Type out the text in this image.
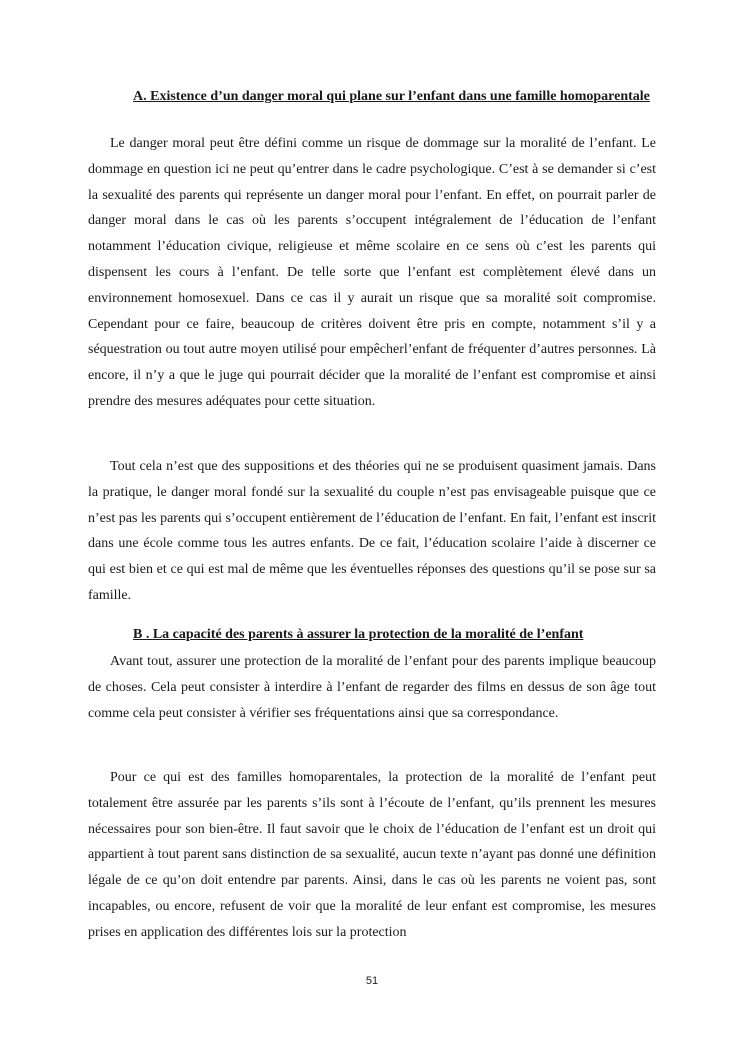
A. Existence d’un danger moral qui plane sur l’enfant dans une famille homoparentale

Le danger moral peut être défini comme un risque de dommage sur la moralité de l’enfant. Le dommage en question ici ne peut qu’entrer dans le cadre psychologique. C’est à se demander si c’est la sexualité des parents qui représente un danger moral pour l’enfant. En effet, on pourrait parler de danger moral dans le cas où les parents s’occupent intégralement de l’éducation de l’enfant notamment l’éducation civique, religieuse et même scolaire en ce sens où c’est les parents qui dispensent les cours à l’enfant. De telle sorte que l’enfant est complètement élevé dans un environnement homosexuel. Dans ce cas il y aurait un risque que sa moralité soit compromise. Cependant pour ce faire, beaucoup de critères doivent être pris en compte, notamment s’il y a séquestration ou tout autre moyen utilisé pour empêcherl’enfant de fréquenter d’autres personnes. Là encore, il n’y a que le juge qui pourrait décider que la moralité de l’enfant est compromise et ainsi prendre des mesures adéquates pour cette situation.

Tout cela n’est que des suppositions et des théories qui ne se produisent quasiment jamais. Dans la pratique, le danger moral fondé sur la sexualité du couple n’est pas envisageable puisque que ce n’est pas les parents qui s’occupent entièrement de l’éducation de l’enfant. En fait, l’enfant est inscrit dans une école comme tous les autres enfants. De ce fait, l’éducation scolaire l’aide à discerner ce qui est bien et ce qui est mal de même que les éventuelles réponses des questions qu’il se pose sur sa famille.

B . La capacité des parents à assurer la protection de la moralité de l’enfant

Avant tout, assurer une protection de la moralité de l’enfant pour des parents implique beaucoup de choses. Cela peut consister à interdire à l’enfant de regarder des films en dessus de son âge tout comme cela peut consister à vérifier ses fréquentations ainsi que sa correspondance.

Pour ce qui est des familles homoparentales, la protection de la moralité de l’enfant peut totalement être assurée par les parents s’ils sont à l’écoute de l’enfant, qu’ils prennent les mesures nécessaires pour son bien-être. Il faut savoir que le choix de l’éducation de l’enfant est un droit qui appartient à tout parent sans distinction de sa sexualité, aucun texte n’ayant pas donné une définition légale de ce qu’on doit entendre par parents. Ainsi, dans le cas où les parents ne voient pas, sont incapables, ou encore, refusent de voir que la moralité de leur enfant est compromise, les mesures prises en application des différentes lois sur la protection

51
